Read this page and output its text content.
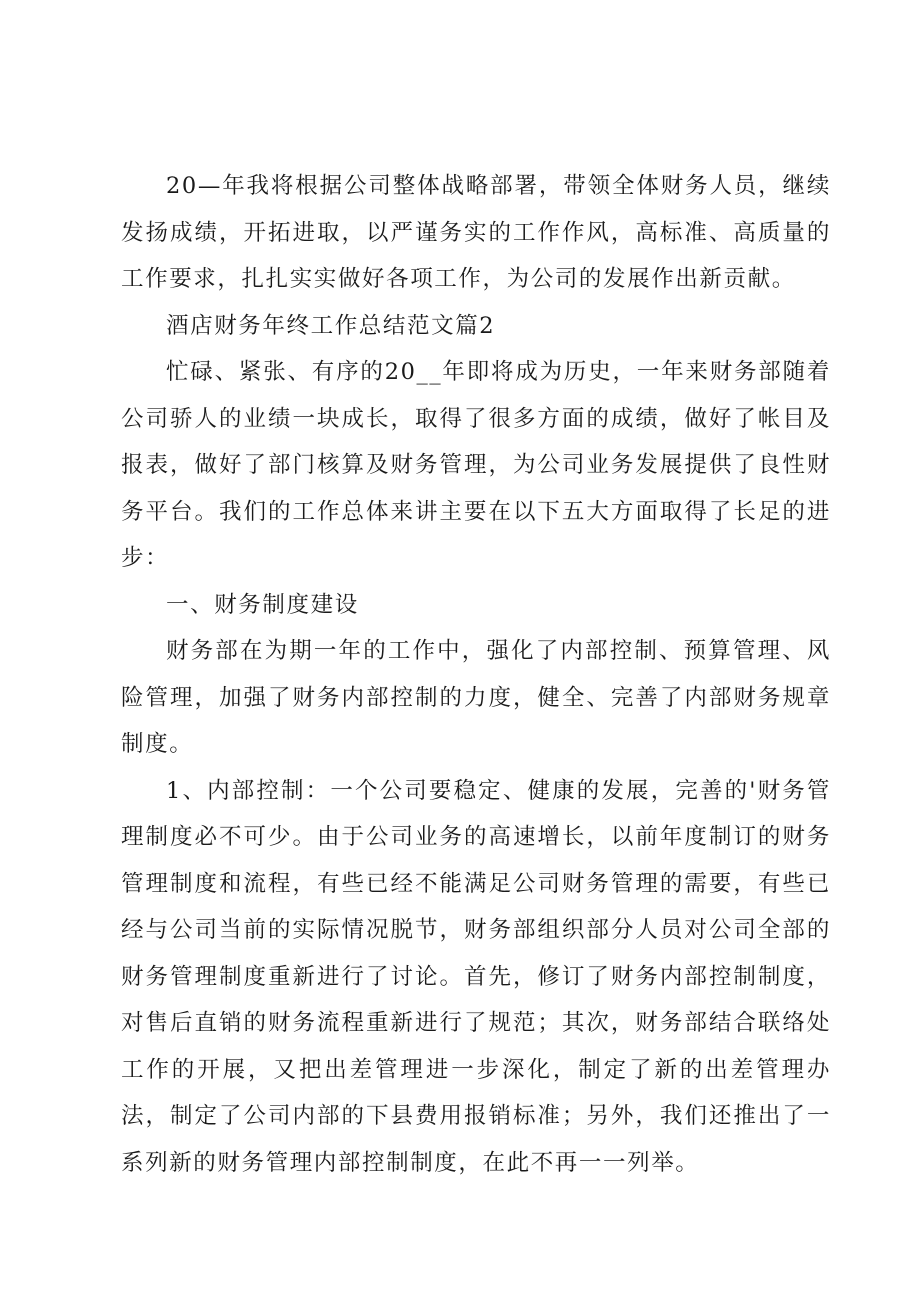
20—年我将根据公司整体战略部署，带领全体财务人员，继续发扬成绩，开拓进取，以严谨务实的工作作风，高标准、高质量的工作要求，扎扎实实做好各项工作，为公司的发展作出新贡献。

酒店财务年终工作总结范文篇2

忙碌、紧张、有序的20__年即将成为历史，一年来财务部随着公司骄人的业绩一块成长，取得了很多方面的成绩，做好了帐目及报表，做好了部门核算及财务管理，为公司业务发展提供了良性财务平台。我们的工作总体来讲主要在以下五大方面取得了长足的进步：

一、财务制度建设

财务部在为期一年的工作中，强化了内部控制、预算管理、风险管理，加强了财务内部控制的力度，健全、完善了内部财务规章制度。

1、内部控制：一个公司要稳定、健康的发展，完善的'财务管理制度必不可少。由于公司业务的高速增长，以前年度制订的财务管理制度和流程，有些已经不能满足公司财务管理的需要，有些已经与公司当前的实际情况脱节，财务部组织部分人员对公司全部的财务管理制度重新进行了讨论。首先，修订了财务内部控制制度，对售后直销的财务流程重新进行了规范；其次，财务部结合联络处工作的开展，又把出差管理进一步深化，制定了新的出差管理办法，制定了公司内部的下县费用报销标准；另外，我们还推出了一系列新的财务管理内部控制制度，在此不再一一列举。
